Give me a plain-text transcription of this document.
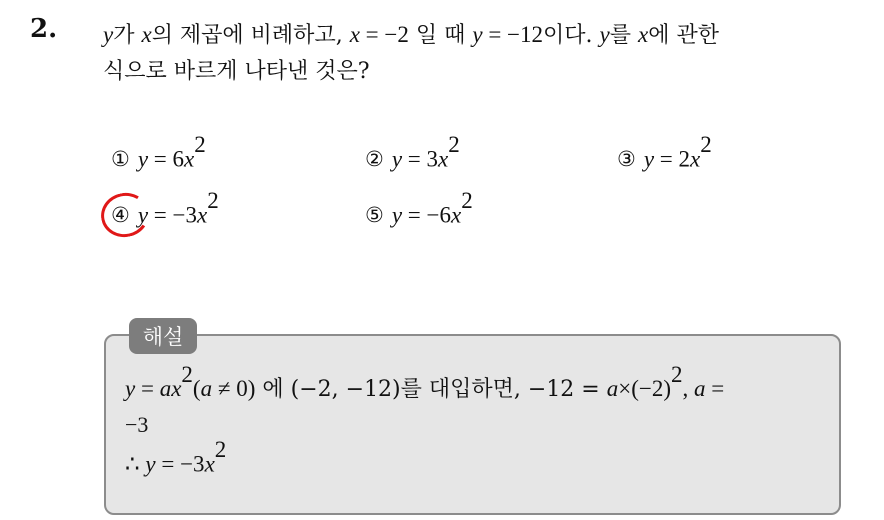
2. y가 x의 제곱에 비례하고, x = −2 일 때 y = −12이다. y를 x에 관한
식으로 바르게 나타낸 것은?
① $y = 6x^2$
② $y = 3x^2$
③ $y = 2x^2$
④ $y = -3x^2$
⑤ $y = -6x^2$
해설
$y = ax^2(a \ne 0)$ 에 (−2, −12)를 대입하면, $-12 = a\times(-2)^2$, a =
−3
∴ $y = -3x^2$
